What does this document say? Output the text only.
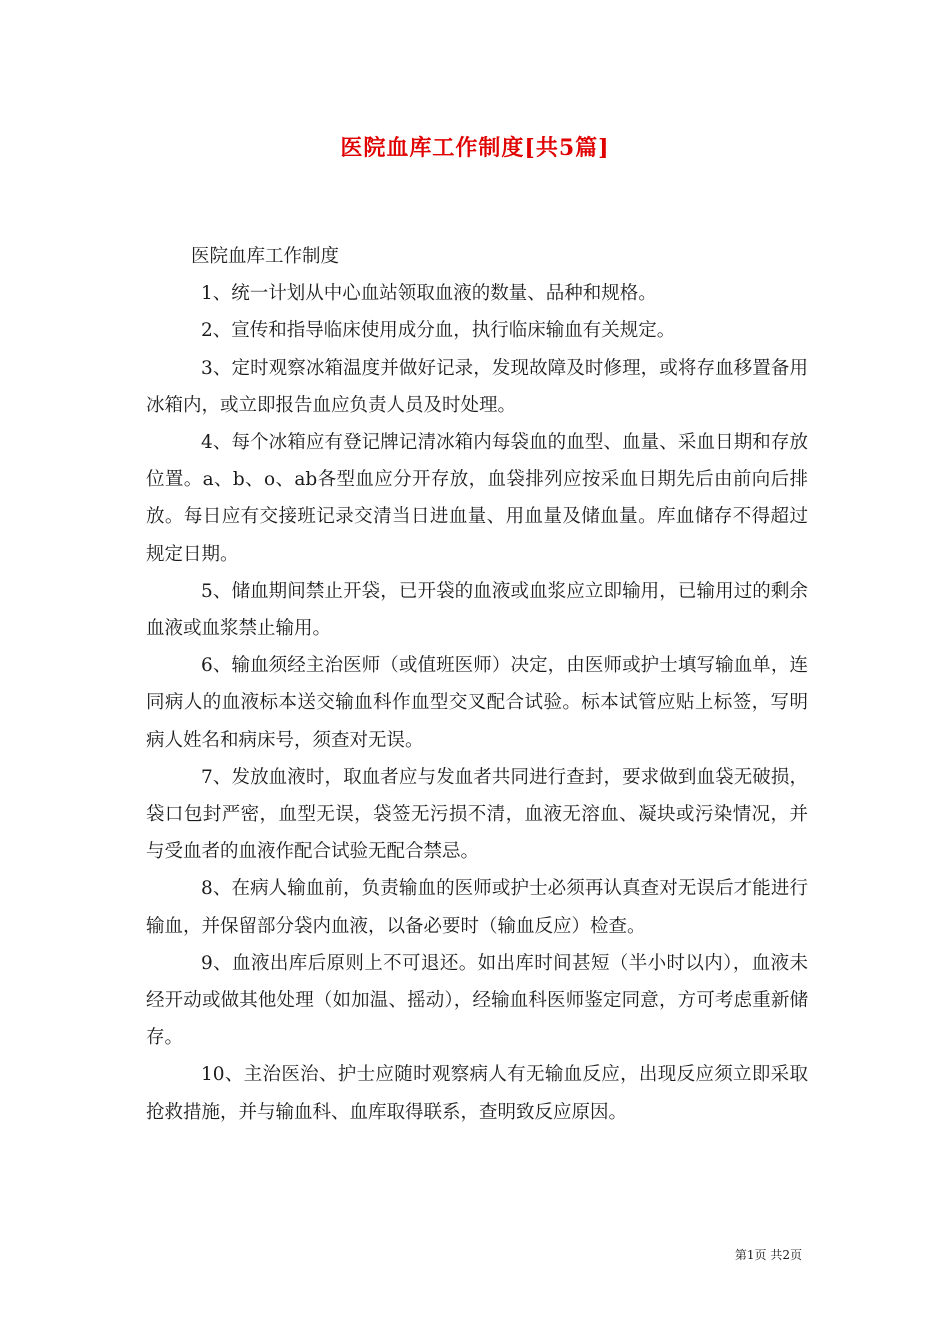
医院血库工作制度[共5篇]

医院血库工作制度

1、统一计划从中心血站领取血液的数量、品种和规格。

2、宣传和指导临床使用成分血，执行临床输血有关规定。

3、定时观察冰箱温度并做好记录，发现故障及时修理，或将存血移置备用冰箱内，或立即报告血应负责人员及时处理。

4、每个冰箱应有登记牌记清冰箱内每袋血的血型、血量、采血日期和存放位置。a、b、o、ab各型血应分开存放，血袋排列应按采血日期先后由前向后排放。每日应有交接班记录交清当日进血量、用血量及储血量。库血储存不得超过规定日期。

5、储血期间禁止开袋，已开袋的血液或血浆应立即输用，已输用过的剩余血液或血浆禁止输用。

6、输血须经主治医师（或值班医师）决定，由医师或护士填写输血单，连同病人的血液标本送交输血科作血型交叉配合试验。标本试管应贴上标签，写明病人姓名和病床号，须查对无误。

7、发放血液时，取血者应与发血者共同进行查封，要求做到血袋无破损，袋口包封严密，血型无误，袋签无污损不清，血液无溶血、凝块或污染情况，并与受血者的血液作配合试验无配合禁忌。

8、在病人输血前，负责输血的医师或护士必须再认真查对无误后才能进行输血，并保留部分袋内血液，以备必要时（输血反应）检查。

9、血液出库后原则上不可退还。如出库时间甚短（半小时以内），血液未经开动或做其他处理（如加温、摇动），经输血科医师鉴定同意，方可考虑重新储存。

10、主治医治、护士应随时观察病人有无输血反应，出现反应须立即采取抢救措施，并与输血科、血库取得联系，查明致反应原因。

第1页 共2页
